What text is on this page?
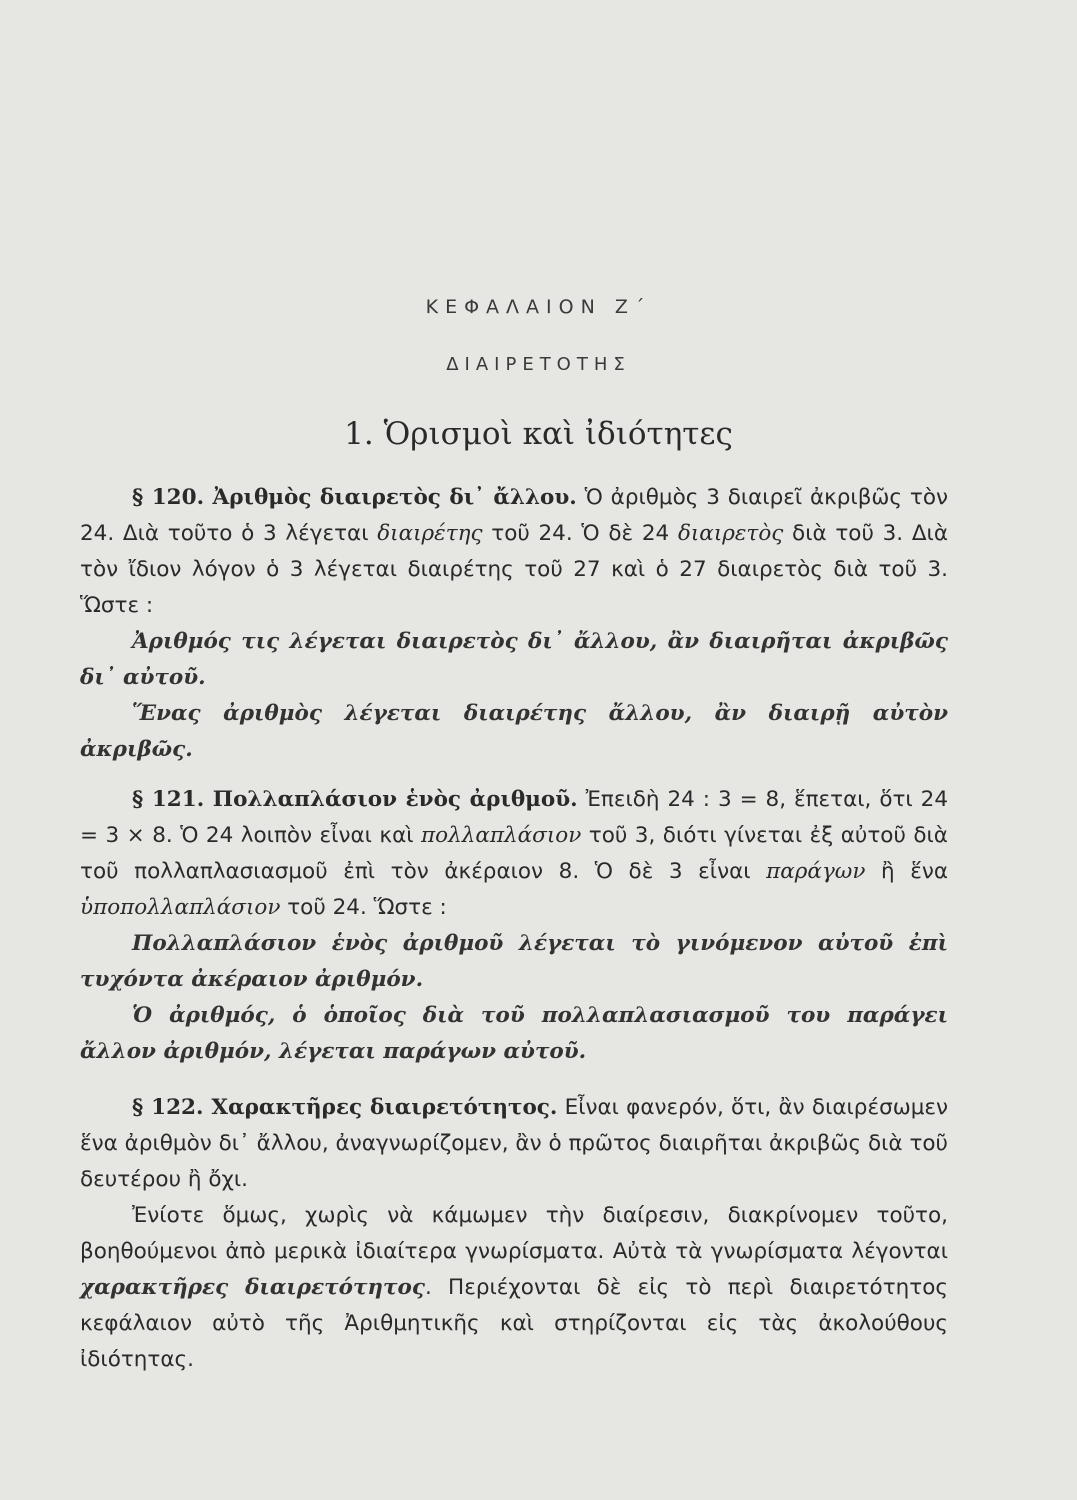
ΚΕΦΑΛΑΙΟΝ Ζ΄
ΔΙΑΙΡΕΤΟΤΗΣ
1. Ὁρισμοὶ καὶ ἰδιότητες

§ 120. Ἀριθμὸς διαιρετὸς δι᾽ ἄλλου. Ὁ ἀριθμὸς 3 διαιρεῖ ἀκριβῶς τὸν 24. Διὰ τοῦτο ὁ 3 λέγεται διαιρέτης τοῦ 24. Ὁ δὲ 24 διαιρετὸς διὰ τοῦ 3. Διὰ τὸν ἴδιον λόγον ὁ 3 λέγεται διαιρέτης τοῦ 27 καὶ ὁ 27 διαιρετὸς διὰ τοῦ 3. Ὥστε :

Ἀριθμός τις λέγεται διαιρετὸς δι᾽ ἄλλου, ἂν διαιρῆται ἀκριβῶς δι᾽ αὐτοῦ.

Ἕνας ἀριθμὸς λέγεται διαιρέτης ἄλλου, ἂν διαιρῇ αὐτὸν ἀκριβῶς.

§ 121. Πολλαπλάσιον ἑνὸς ἀριθμοῦ. Ἐπειδὴ 24 : 3 = 8, ἕπεται, ὅτι 24 = 3 × 8. Ὁ 24 λοιπὸν εἶναι καὶ πολλαπλάσιον τοῦ 3, διότι γίνεται ἐξ αὐτοῦ διὰ τοῦ πολλαπλασιασμοῦ ἐπὶ τὸν ἀκέραιον 8. Ὁ δὲ 3 εἶναι παράγων ἢ ἕνα ὑποπολλαπλάσιον τοῦ 24. Ὥστε :

Πολλαπλάσιον ἑνὸς ἀριθμοῦ λέγεται τὸ γινόμενον αὐτοῦ ἐπὶ τυχόντα ἀκέραιον ἀριθμόν.

Ὁ ἀριθμός, ὁ ὁποῖος διὰ τοῦ πολλαπλασιασμοῦ του παράγει ἄλλον ἀριθμόν, λέγεται παράγων αὐτοῦ.

§ 122. Χαρακτῆρες διαιρετότητος. Εἶναι φανερόν, ὅτι, ἂν διαιρέσωμεν ἕνα ἀριθμὸν δι᾽ ἄλλου, ἀναγνωρίζομεν, ἂν ὁ πρῶτος διαιρῆται ἀκριβῶς διὰ τοῦ δευτέρου ἢ ὄχι.

Ἐνίοτε ὅμως, χωρὶς νὰ κάμωμεν τὴν διαίρεσιν, διακρίνομεν τοῦτο, βοηθούμενοι ἀπὸ μερικὰ ἰδιαίτερα γνωρίσματα. Αὐτὰ τὰ γνωρίσματα λέγονται χαρακτῆρες διαιρετότητος. Περιέχονται δὲ εἰς τὸ περὶ διαιρετότητος κεφάλαιον αὐτὸ τῆς Ἀριθμητικῆς καὶ στηρίζονται εἰς τὰς ἀκολούθους ἰδιότητας.
